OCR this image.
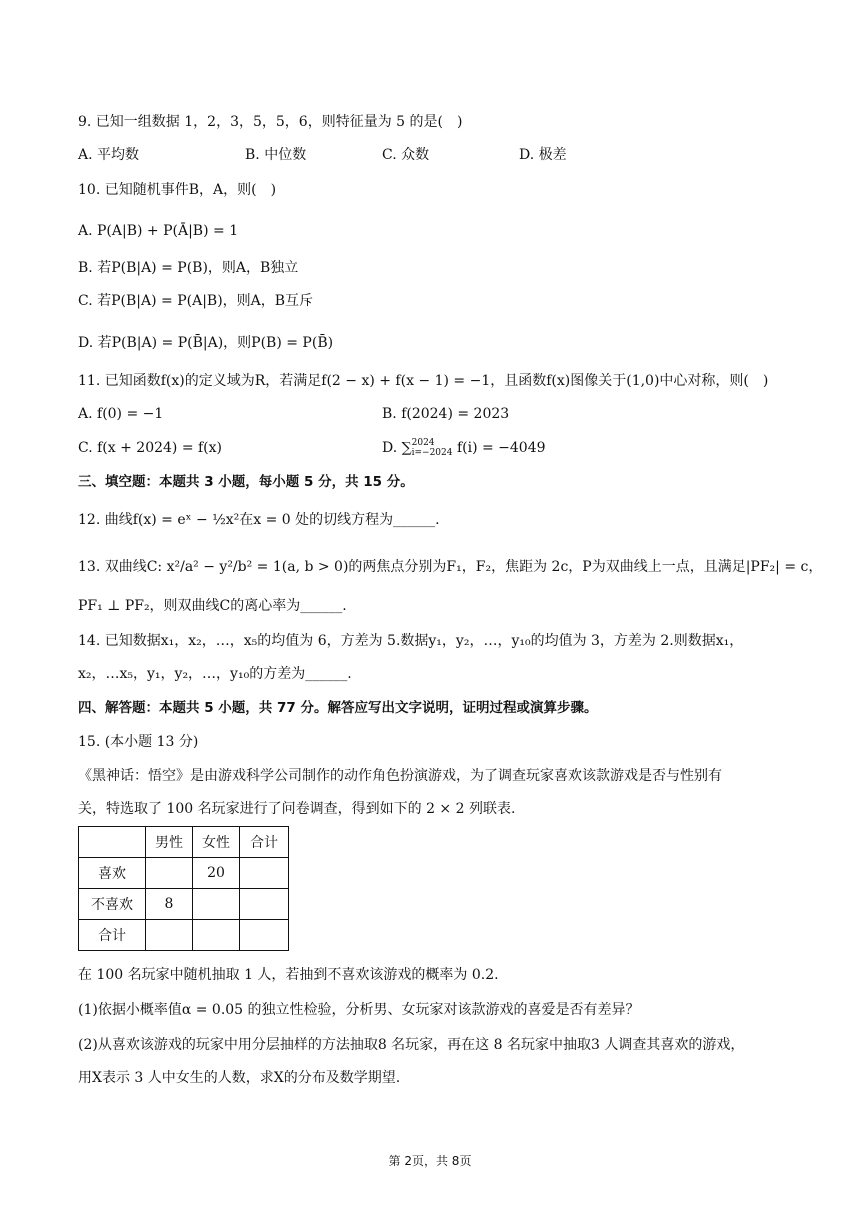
9. 已知一组数据 1，2，3，5，5，6，则特征量为 5 的是(　)
A. 平均数	B. 中位数	C. 众数	D. 极差
10. 已知随机事件B，A，则(　)
A. P(A|B) + P(Ā|B) = 1
B. 若P(B|A) = P(B)，则A，B独立
C. 若P(B|A) = P(A|B)，则A，B互斥
D. 若P(B|A) = P(B̄|A)，则P(B) = P(B̄)
11. 已知函数f(x)的定义域为R，若满足f(2 − x) + f(x − 1) = −1，且函数f(x)图像关于(1,0)中心对称，则(　)
A. f(0) = −1	B. f(2024) = 2023
C. f(x + 2024) = f(x)	D. ∑ 2024
i=−2024 f(i) = −4049
三、填空题：本题共 3 小题，每小题 5 分，共 15 分。
12. 曲线f(x) = eˣ − ½x²在x = 0 处的切线方程为______.
13. 双曲线C: x²/a² − y²/b² = 1(a, b > 0)的两焦点分别为F₁，F₂，焦距为 2c，P为双曲线上一点，且满足|PF₂| = c，
PF₁ ⊥ PF₂，则双曲线C的离心率为______.
14. 已知数据x₁，x₂，…，x₅的均值为 6，方差为 5.数据y₁，y₂，…，y₁₀的均值为 3，方差为 2.则数据x₁，
x₂，…x₅，y₁，y₂，…，y₁₀的方差为______.
四、解答题：本题共 5 小题，共 77 分。解答应写出文字说明，证明过程或演算步骤。
15. (本小题 13 分)
《黑神话：悟空》是由游戏科学公司制作的动作角色扮演游戏，为了调查玩家喜欢该款游戏是否与性别有
关，特选取了 100 名玩家进行了问卷调查，得到如下的 2 × 2 列联表.
	男性	女性	合计
喜欢		20	
不喜欢	8		
合计			
在 100 名玩家中随机抽取 1 人，若抽到不喜欢该游戏的概率为 0.2.
(1)依据小概率值α = 0.05 的独立性检验，分析男、女玩家对该款游戏的喜爱是否有差异？
(2)从喜欢该游戏的玩家中用分层抽样的方法抽取8 名玩家，再在这 8 名玩家中抽取3 人调查其喜欢的游戏，
用X表示 3 人中女生的人数，求X的分布及数学期望.
第 2页，共 8页
